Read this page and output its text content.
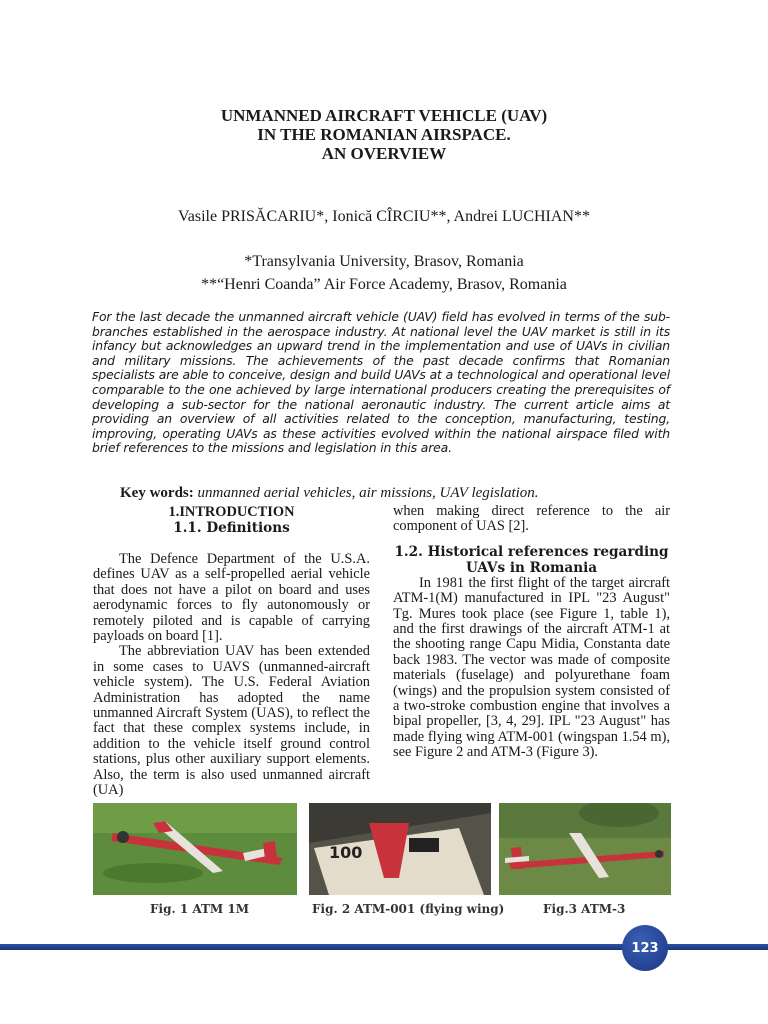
UNMANNED AIRCRAFT VEHICLE (UAV)
IN THE ROMANIAN AIRSPACE.
AN OVERVIEW
Vasile PRISĂCARIU*, Ionică CÎRCIU**, Andrei LUCHIAN**
*Transylvania University, Brasov, Romania
**“Henri Coanda” Air Force Academy, Brasov, Romania

For the last decade the unmanned aircraft vehicle (UAV) field has evolved in terms of the sub-branches established in the aerospace industry. At national level the UAV market is still in its infancy but acknowledges an upward trend in the implementation and use of UAVs in civilian and military missions. The achievements of the past decade confirms that Romanian specialists are able to conceive, design and build UAVs at a technological and operational level comparable to the one achieved by large international producers creating the prerequisites of developing a sub-sector for the national aeronautic industry. The current article aims at providing an overview of all activities related to the conception, manufacturing, testing, improving, operating UAVs as these activities evolved within the national airspace filed with brief references to the missions and legislation in this area.

Key words: unmanned aerial vehicles, air missions, UAV legislation.
1.INTRODUCTION
1.1. Definitions

The Defence Department of the U.S.A. defines UAV as a self-propelled aerial vehicle that does not have a pilot on board and uses aerodynamic forces to fly autonomously or remotely piloted and is capable of carrying payloads on board [1].

The abbreviation UAV has been extended in some cases to UAVS (unmanned-aircraft vehicle system). The U.S. Federal Aviation Administration has adopted the name unmanned Aircraft System (UAS), to reflect the fact that these complex systems include, in addition to the vehicle itself ground control stations, plus other auxiliary support elements. Also, the term is also used unmanned aircraft (UA)

when making direct reference to the air component of UAS [2].

1.2. Historical references regarding UAVs in Romania

In 1981 the first flight of the target aircraft ATM-1(M) manufactured in IPL "23 August" Tg. Mures took place (see Figure 1, table 1), and the first drawings of the aircraft ATM-1 at the shooting range Capu Midia, Constanta date back 1983. The vector was made of composite materials (fuselage) and polyurethane foam (wings) and the propulsion system consisted of a two-stroke combustion engine that involves a bipal propeller, [3, 4, 29]. IPL "23 August" has made flying wing ATM-001 (wingspan 1.54 m), see Figure 2 and ATM-3 (Figure 3).

100
Fig. 1 ATM 1M	Fig. 2 ATM-001 (flying wing)	Fig.3 ATM-3
123
